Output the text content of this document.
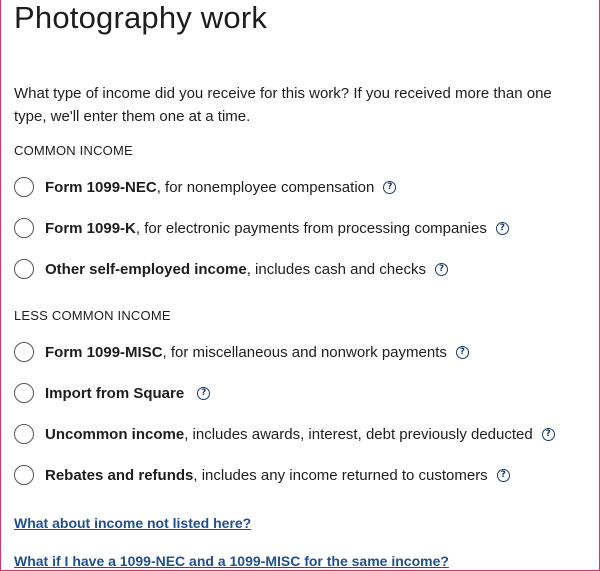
Photography work

What type of income did you receive for this work? If you received more than one type, we'll enter them one at a time.

COMMON INCOME
Form 1099-NEC, for nonemployee compensation	?
Form 1099-K, for electronic payments from processing companies	?
Other self-employed income, includes cash and checks	?
LESS COMMON INCOME
Form 1099-MISC, for miscellaneous and nonwork payments	?
Import from Square	?
Uncommon income, includes awards, interest, debt previously deducted	?
Rebates and refunds, includes any income returned to customers	?
What about income not listed here?
What if I have a 1099-NEC and a 1099-MISC for the same income?
